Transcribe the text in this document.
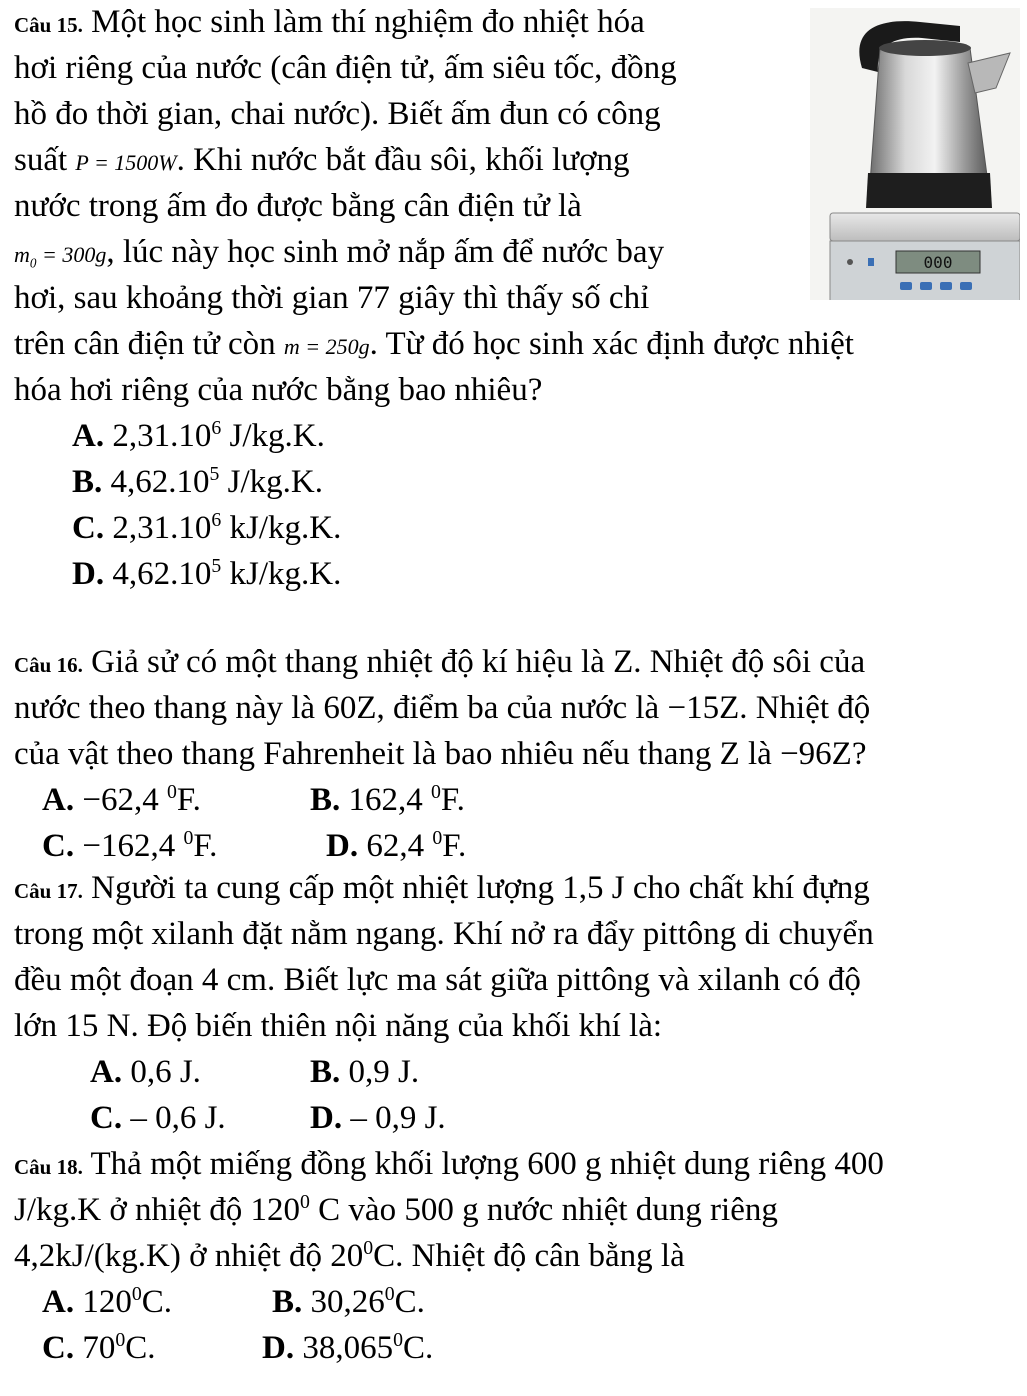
000
Câu 15. Một học sinh làm thí nghiệm đo nhiệt hóa
hơi riêng của nước (cân điện tử, ấm siêu tốc, đồng
hồ đo thời gian, chai nước). Biết ấm đun có công
suất P = 1500W. Khi nước bắt đầu sôi, khối lượng
nước trong ấm đo được bằng cân điện tử là
$m_0 = 300g$, lúc này học sinh mở nắp ấm để nước bay
hơi, sau khoảng thời gian 77 giây thì thấy số chỉ
trên cân điện tử còn m = 250g. Từ đó học sinh xác định được nhiệt
hóa hơi riêng của nước bằng bao nhiêu?
A. 2,31.10$^6$ J/kg.K.
B. 4,62.10$^5$ J/kg.K.
C. 2,31.10$^6$ kJ/kg.K.
D. 4,62.10$^5$ kJ/kg.K.
Câu 16. Giả sử có một thang nhiệt độ kí hiệu là Z. Nhiệt độ sôi của
nước theo thang này là 60Z, điểm ba của nước là −15Z. Nhiệt độ
của vật theo thang Fahrenheit là bao nhiêu nếu thang Z là −96Z?
A. −62,4 $^0$F.	B. 162,4 $^0$F.
C. −162,4 $^0$F.	D. 62,4 $^0$F.
Câu 17. Người ta cung cấp một nhiệt lượng 1,5 J cho chất khí đựng
trong một xilanh đặt nằm ngang. Khí nở ra đẩy pittông di chuyển
đều một đoạn 4 cm. Biết lực ma sát giữa pittông và xilanh có độ
lớn 15 N. Độ biến thiên nội năng của khối khí là:
A. 0,6 J.	B. 0,9 J.
C. – 0,6 J.	D. – 0,9 J.
Câu 18. Thả một miếng đồng khối lượng 600 g nhiệt dung riêng 400
J/kg.K ở nhiệt độ $120^0$ C vào 500 g nước nhiệt dung riêng
4,2kJ/(kg.K) ở nhiệt độ $20^0C$. Nhiệt độ cân bằng là
A. $120^0C$.	B. 30,26$^0$C.
C. $70^0C$.	D. 38,065$^0$C.
